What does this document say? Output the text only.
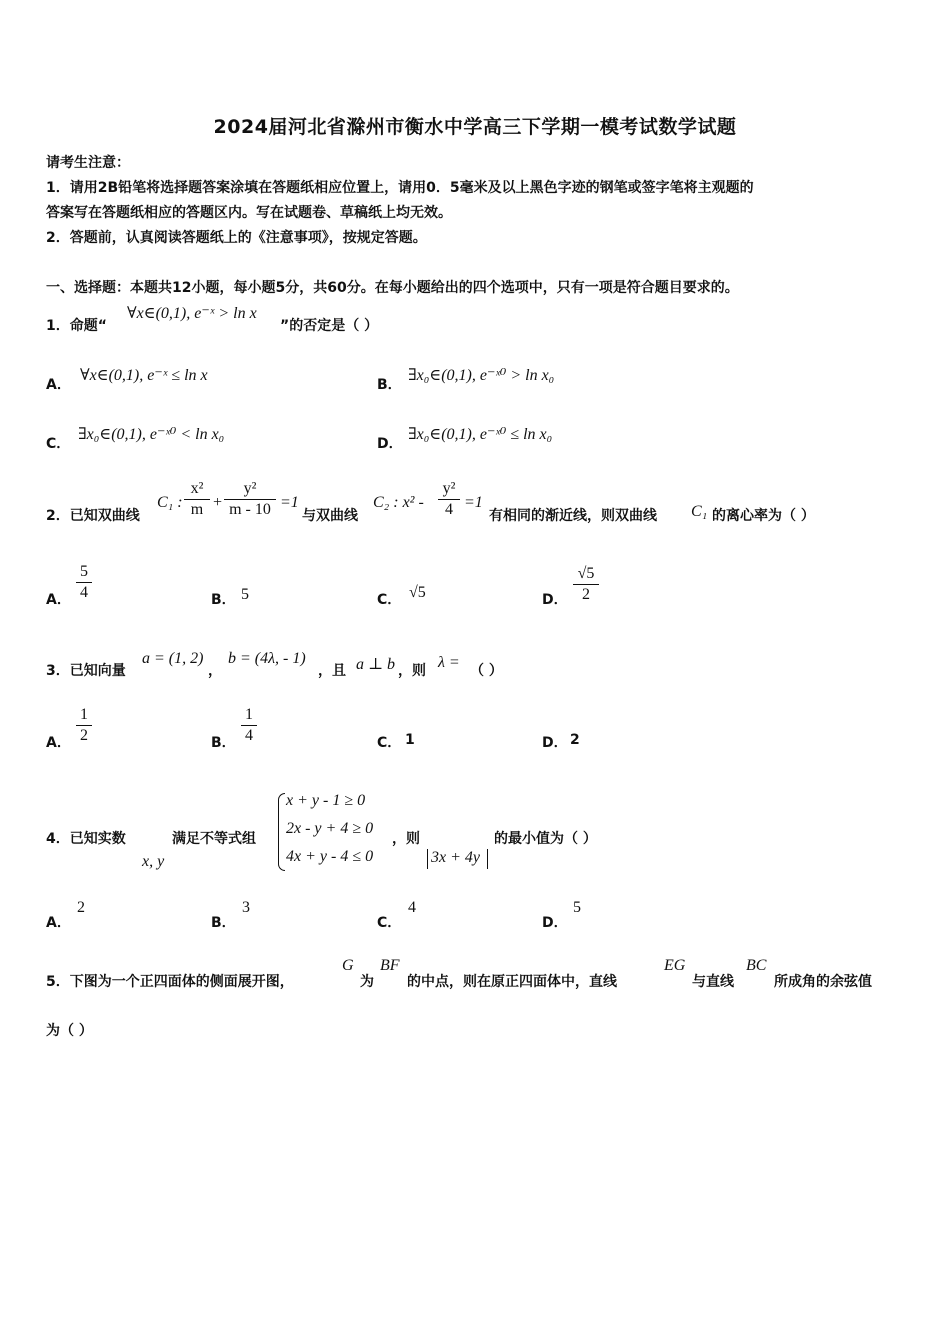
2024届河北省滁州市衡水中学高三下学期一模考试数学试题
请考生注意：
1．请用2B铅笔将选择题答案涂填在答题纸相应位置上，请用0．5毫米及以上黑色字迹的钢笔或签字笔将主观题的
答案写在答题纸相应的答题区内。写在试题卷、草稿纸上均无效。
2．答题前，认真阅读答题纸上的《注意事项》，按规定答题。
一、选择题：本题共12小题，每小题5分，共60分。在每小题给出的四个选项中，只有一项是符合题目要求的。
1．命题“
∀x∈(0,1), e⁻ˣ > ln x
”的否定是（ ）
A．
∀x∈(0,1), e⁻ˣ ≤ ln x
B．
∃x₀∈(0,1), e⁻ˣ⁰ > ln x₀
C．
∃x₀∈(0,1), e⁻ˣ⁰ < ln x₀
D．
∃x₀∈(0,1), e⁻ˣ⁰ ≤ ln x₀
2．已知双曲线
C₁ :
x²
m +
y²
m - 10 =1
与双曲线
C₂ : x² -
y²
4 =1
有相同的渐近线，则双曲线 C₁ 的离心率为（ ）
A．
5
4	B． 5	C． √5	D．
√5
2
3．已知向量
a = (1, 2)
，
b = (4λ, - 1)
，且 a ⊥ b ，则 λ = （ ）
A．
1
2	B．
1
4	C． 1	D． 2
4．已知实数
x, y
满足不等式组
x + y - 1 ≥ 0
2x - y + 4 ≥ 0
4x + y - 4 ≤ 0
，则
3x + 4y
的最小值为（ ）
A．
2
B．
3
C．
4
D．
5
5．下图为一个正四面体的侧面展开图，
G
为
BF
的中点，则在原正四面体中，直线
EG
与直线
BC
所成角的余弦值
为（ ）
